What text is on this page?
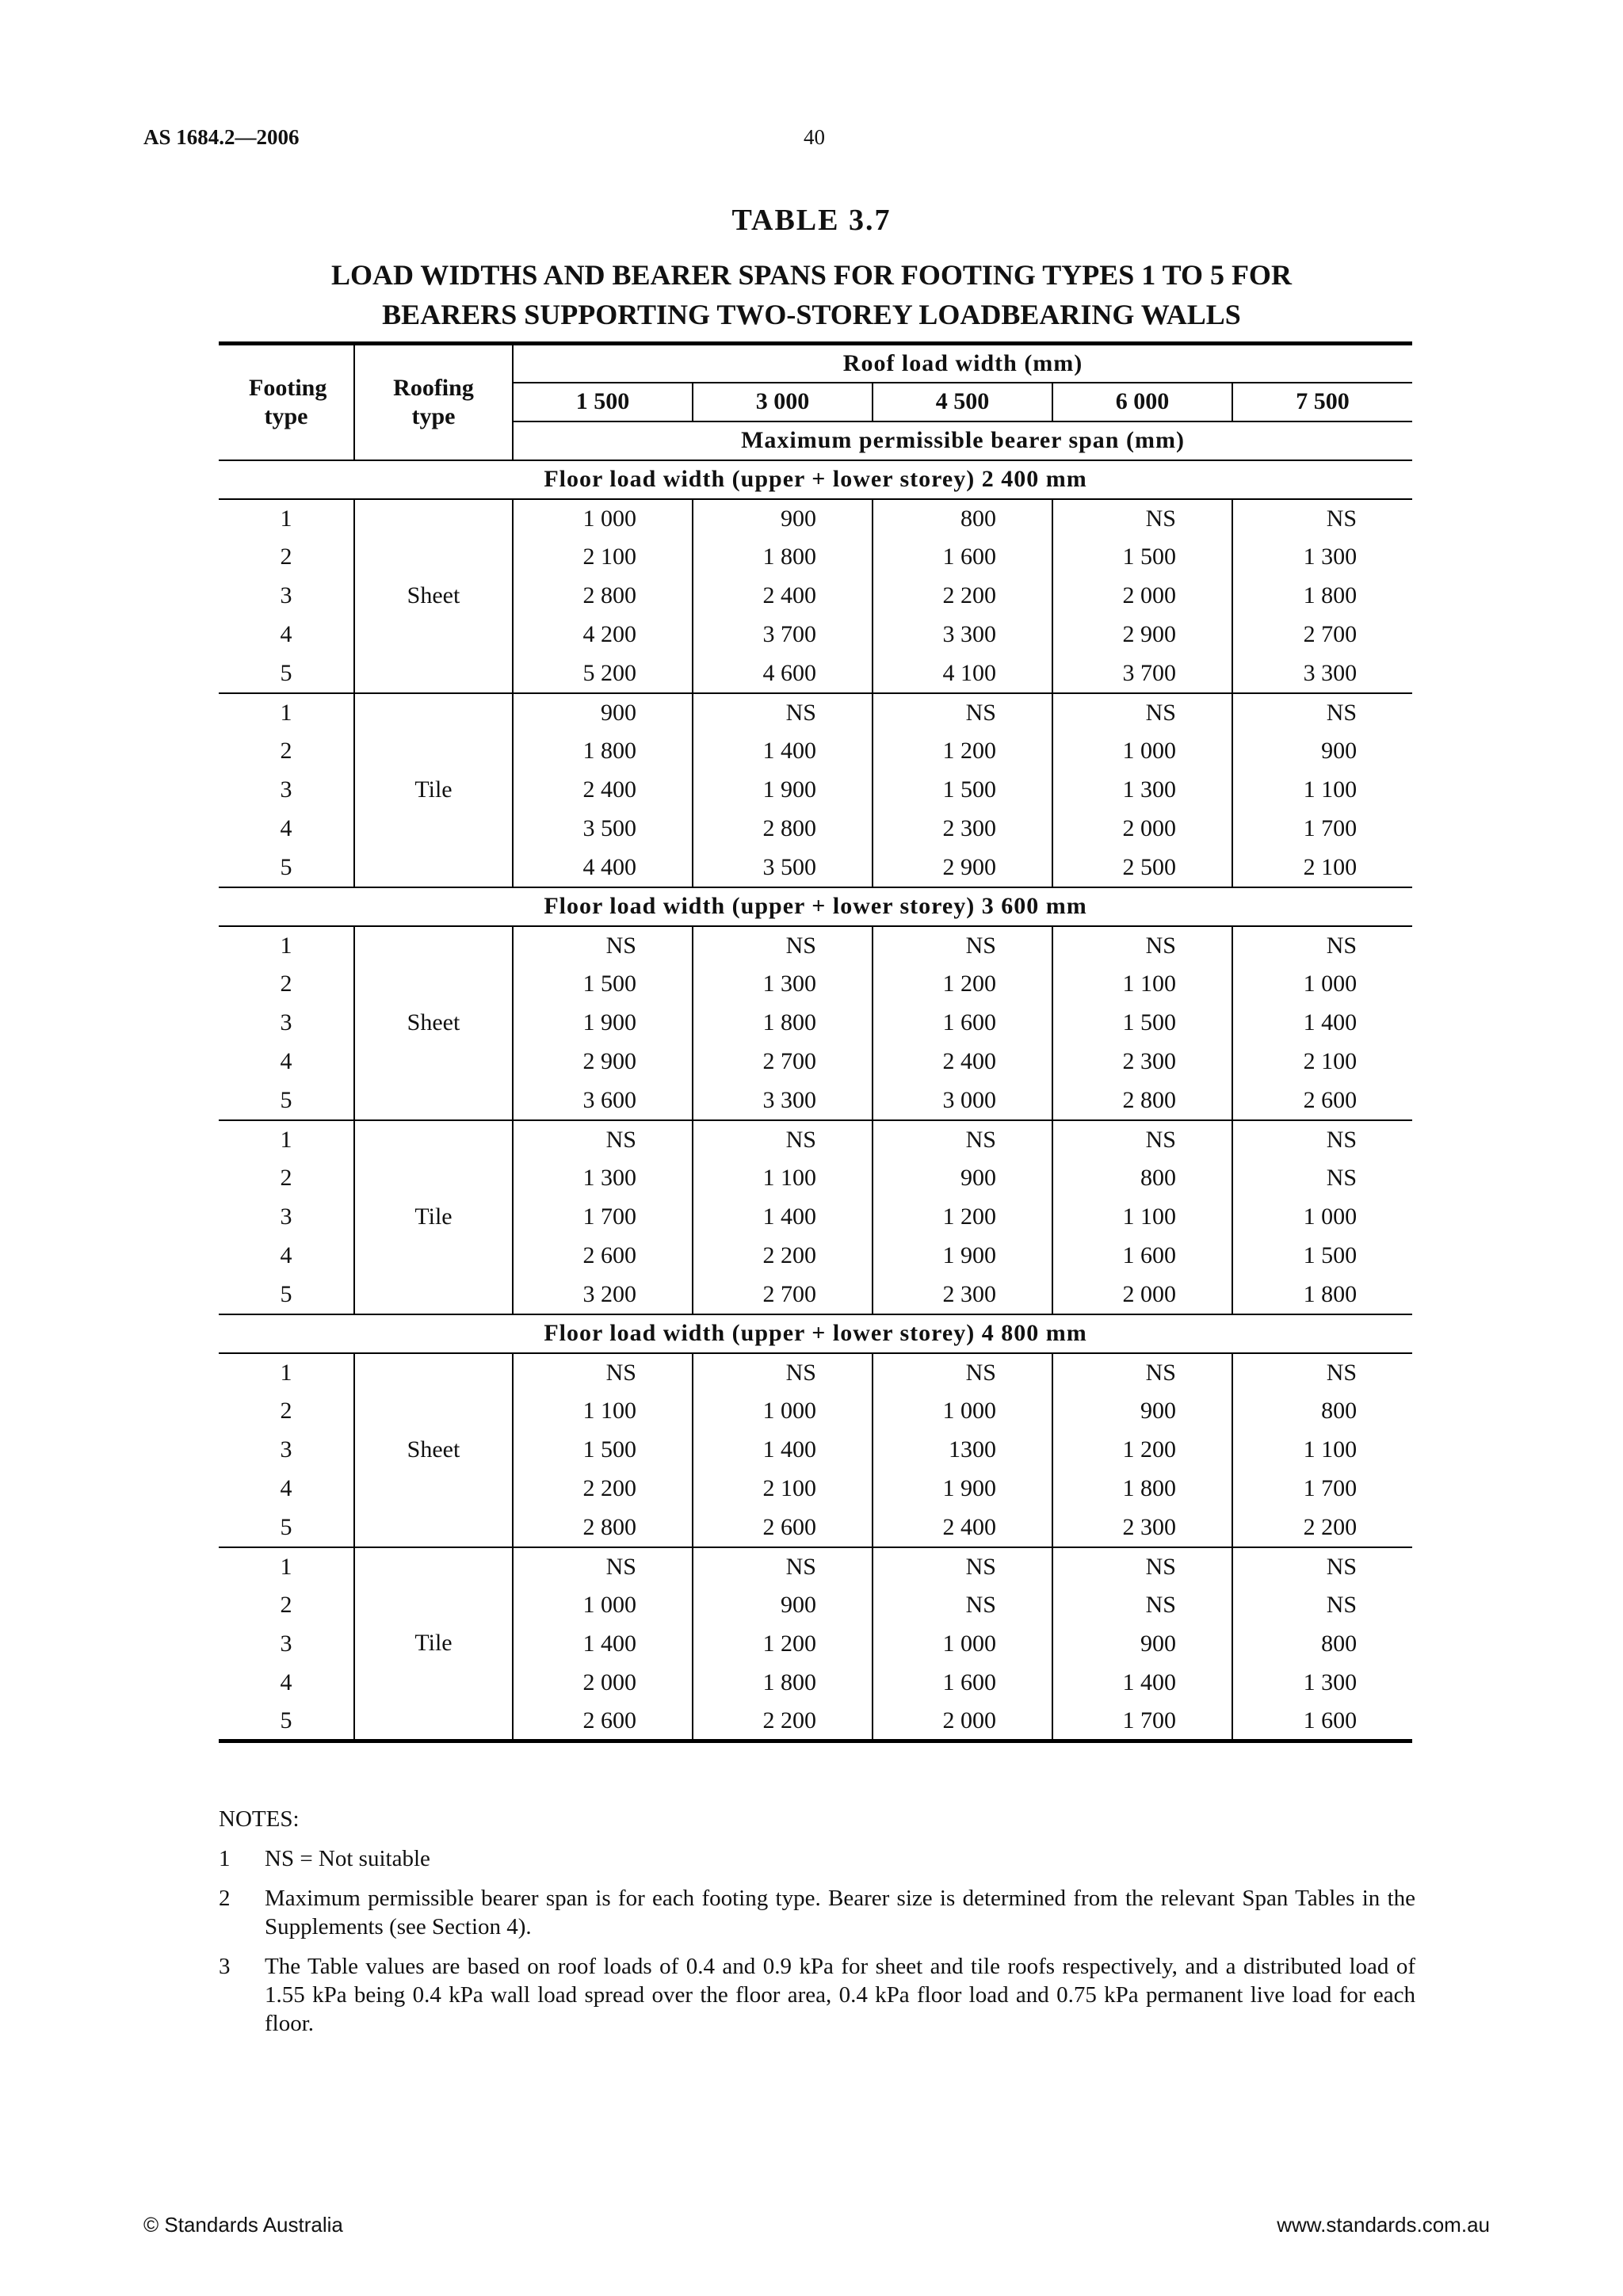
AS 1684.2—2006	40
TABLE 3.7
LOAD WIDTHS AND BEARER SPANS FOR FOOTING TYPES 1 TO 5 FOR
BEARERS SUPPORTING TWO-STOREY LOADBEARING WALLS
Footing type	Roofing type	Roof load width (mm)				
		1 500	3 000	4 500	6 000	7 500
		Maximum permissible bearer span (mm)				
Floor load width (upper + lower storey) 2 400 mm						
1	Sheet	1 000	900	800	NS	NS
2		2 100	1 800	1 600	1 500	1 300
3		2 800	2 400	2 200	2 000	1 800
4		4 200	3 700	3 300	2 900	2 700
5		5 200	4 600	4 100	3 700	3 300
1	Tile	900	NS	NS	NS	NS
2		1 800	1 400	1 200	1 000	900
3		2 400	1 900	1 500	1 300	1 100
4		3 500	2 800	2 300	2 000	1 700
5		4 400	3 500	2 900	2 500	2 100
Floor load width (upper + lower storey) 3 600 mm						
1	Sheet	NS	NS	NS	NS	NS
2		1 500	1 300	1 200	1 100	1 000
3		1 900	1 800	1 600	1 500	1 400
4		2 900	2 700	2 400	2 300	2 100
5		3 600	3 300	3 000	2 800	2 600
1	Tile	NS	NS	NS	NS	NS
2		1 300	1 100	900	800	NS
3		1 700	1 400	1 200	1 100	1 000
4		2 600	2 200	1 900	1 600	1 500
5		3 200	2 700	2 300	2 000	1 800
Floor load width (upper + lower storey) 4 800 mm						
1	Sheet	NS	NS	NS	NS	NS
2		1 100	1 000	1 000	900	800
3		1 500	1 400	1300	1 200	1 100
4		2 200	2 100	1 900	1 800	1 700
5		2 800	2 600	2 400	2 300	2 200
1	Tile	NS	NS	NS	NS	NS
2		1 000	900	NS	NS	NS
3		1 400	1 200	1 000	900	800
4		2 000	1 800	1 600	1 400	1 300
5		2 600	2 200	2 000	1 700	1 600
NOTES:
1	NS = Not suitable
2	Maximum permissible bearer span is for each footing type. Bearer size is determined from the relevant Span Tables in the Supplements (see Section 4).
3	The Table values are based on roof loads of 0.4 and 0.9 kPa for sheet and tile roofs respectively, and a distributed load of 1.55 kPa being 0.4 kPa wall load spread over the floor area, 0.4 kPa floor load and 0.75 kPa permanent live load for each floor.
© Standards Australia	www.standards.com.au
